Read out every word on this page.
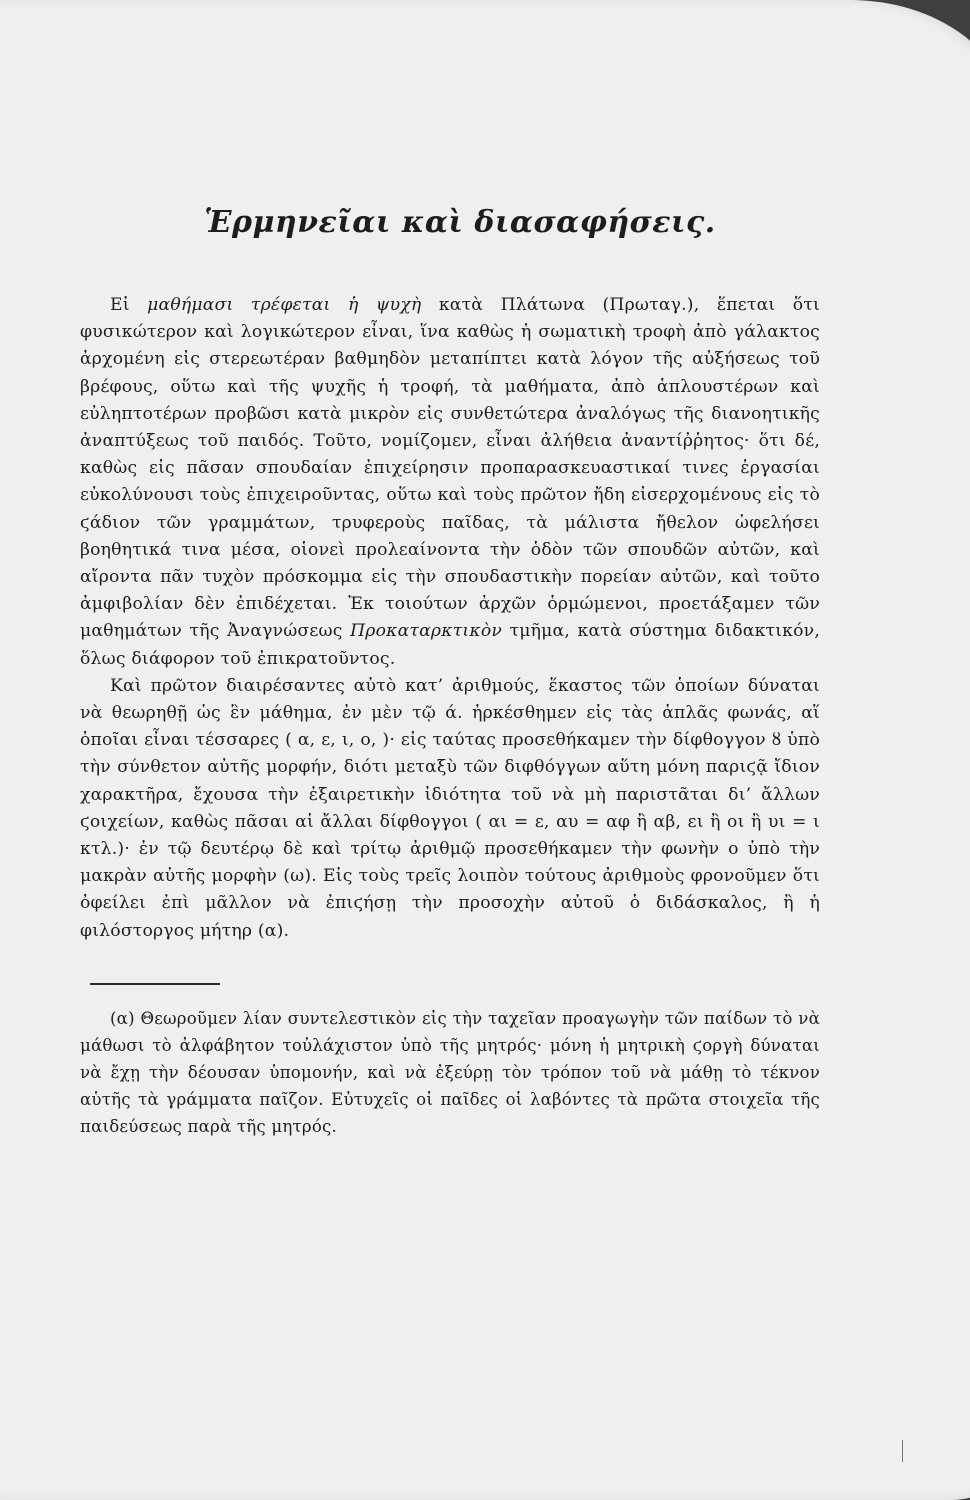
Ἑρμηνεῖαι καὶ διασαφήσεις.

Εἰ μαθήμασι τρέφεται ἡ ψυχὴ κατὰ Πλάτωνα (Πρωταγ.), ἕπεται ὅτι φυσικώτερον καὶ λογικώτερον εἶναι, ἵνα καθὼς ἡ σωματικὴ τροφὴ ἀπὸ γάλακτος ἀρχομένη εἰς στερεωτέραν βαθμηδὸν μεταπίπτει κατὰ λόγον τῆς αὐξήσεως τοῦ βρέφους, οὕτω καὶ τῆς ψυχῆς ἡ τροφή, τὰ μαθήματα, ἀπὸ ἁπλουστέρων καὶ εὐληπτοτέρων προβῶσι κατὰ μικρὸν εἰς συνθετώτερα ἀναλόγως τῆς διανοητικῆς ἀναπτύξεως τοῦ παιδός. Τοῦτο, νομίζομεν, εἶναι ἀλήθεια ἀναντίῤῥητος· ὅτι δέ, καθὼς εἰς πᾶσαν σπουδαίαν ἐπιχείρησιν προπαρασκευαστικαί τινες ἐργασίαι εὐκολύνουσι τοὺς ἐπιχειροῦντας, οὕτω καὶ τοὺς πρῶτον ἤδη εἰσερχομένους εἰς τὸ ϛάδιον τῶν γραμμάτων, τρυφεροὺς παῖδας, τὰ μάλιστα ἤθελον ὠφελήσει βοηθητικά τινα μέσα, οἱονεὶ προλεαίνοντα τὴν ὁδὸν τῶν σπουδῶν αὐτῶν, καὶ αἴροντα πᾶν τυχὸν πρόσκομμα εἰς τὴν σπουδαστικὴν πορείαν αὐτῶν, καὶ τοῦτο ἀμφιβολίαν δὲν ἐπιδέχεται. Ἐκ τοιούτων ἀρχῶν ὁρμώμενοι, προετάξαμεν τῶν μαθημάτων τῆς Ἀναγνώσεως Προκαταρκτικὸν τμῆμα, κατὰ σύστημα διδακτικόν, ὅλως διάφορον τοῦ ἐπικρατοῦντος.

Καὶ πρῶτον διαιρέσαντες αὐτὸ κατ’ ἀριθμούς, ἕκαστος τῶν ὁποίων δύναται νὰ θεωρηθῇ ὡς ἓν μάθημα, ἐν μὲν τῷ ά. ἠρκέσθημεν εἰς τὰς ἁπλᾶς φωνάς, αἵ ὁποῖαι εἶναι τέσσαρες ( α, ε, ι, ο, )· εἰς ταύτας προσεθήκαμεν τὴν δίφθογγον ȣ ὑπὸ τὴν σύνθετον αὐτῆς μορφήν, διότι μεταξὺ τῶν διφθόγγων αὕτη μόνη παριϛᾷ ἴδιον χαρακτῆρα, ἔχουσα τὴν ἐξαιρετικὴν ἰδιότητα τοῦ νὰ μὴ παριστᾶται δι’ ἄλλων ϛοιχείων, καθὼς πᾶσαι αἱ ἄλλαι δίφθογγοι ( αι = ε, αυ = αφ ἢ αβ, ει ἢ οι ἢ υι = ι κτλ.)· ἐν τῷ δευτέρῳ δὲ καὶ τρίτῳ ἀριθμῷ προσεθήκαμεν τὴν φωνὴν ο ὑπὸ τὴν μακρὰν αὐτῆς μορφὴν (ω). Εἰς τοὺς τρεῖς λοιπὸν τούτους ἀριθμοὺς φρονοῦμεν ὅτι ὀφείλει ἐπὶ μᾶλλον νὰ ἐπιϛήσῃ τὴν προσοχὴν αὐτοῦ ὁ διδάσκαλος, ἢ ἡ φιλόστοργος μήτηρ (α).

(α) Θεωροῦμεν λίαν συντελεστικὸν εἰς τὴν ταχεῖαν προαγωγὴν τῶν παίδων τὸ νὰ μάθωσι τὸ ἀλφάβητον τοὐλάχιστον ὑπὸ τῆς μητρός· μόνη ἡ μητρικὴ ϛοργὴ δύναται νὰ ἔχῃ τὴν δέουσαν ὑπομονήν, καὶ νὰ ἐξεύρῃ τὸν τρόπον τοῦ νὰ μάθῃ τὸ τέκνον αὑτῆς τὰ γράμματα παῖζον. Εὐτυχεῖς οἱ παῖδες οἱ λαβόντες τὰ πρῶτα στοιχεῖα τῆς παιδεύσεως παρὰ τῆς μητρός.
